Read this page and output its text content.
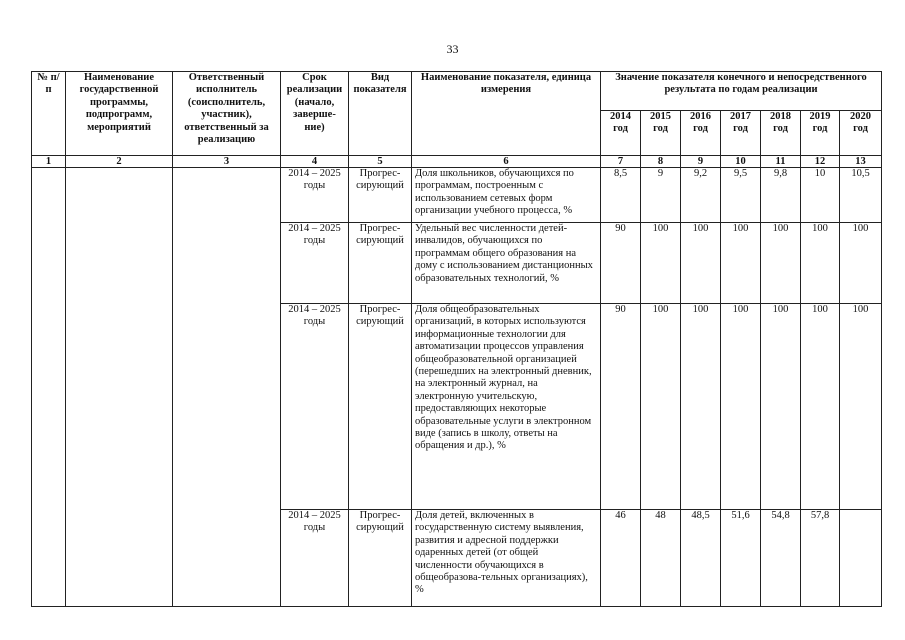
33
№ п/п	Наименование государственной программы, подпрограмм, мероприятий	Ответственный исполнитель (соисполнитель, участник), ответственный за реализацию	Срок реализации (начало, заверше-ние)	Вид показателя	Наименование показателя, единица измерения	Значение показателя конечного и непосредственного результата по годам реализации						
						2014 год	2015 год	2016 год	2017 год	2018 год	2019 год	2020 год
1	2	3	4	5	6	7	8	9	10	11	12	13
			2014 – 2025 годы	Прогрес-сирующий	Доля школьников, обучающихся по программам, построенным с использованием сетевых форм организации учебного процесса, %	8,5	9	9,2	9,5	9,8	10	10,5
			2014 – 2025 годы	Прогрес-сирующий	Удельный вес численности детей-инвалидов, обучающихся по программам общего образования на дому с использованием дистанционных образовательных технологий, %	90	100	100	100	100	100	100
			2014 – 2025 годы	Прогрес-сирующий	Доля общеобразовательных организаций, в которых используются информационные технологии для автоматизации процессов управления общеобразовательной организацией (перешедших на электронный дневник, на электронный журнал, на электронную учительскую, предоставляющих некоторые образовательные услуги в электронном виде (запись в школу, ответы на обращения и др.), %	90	100	100	100	100	100	100
			2014 – 2025 годы	Прогрес-сирующий	Доля детей, включенных в государственную систему выявления, развития и адресной поддержки одаренных детей (от общей численности обучающихся в общеобразова-тельных организациях), %	46	48	48,5	51,6	54,8	57,8	
